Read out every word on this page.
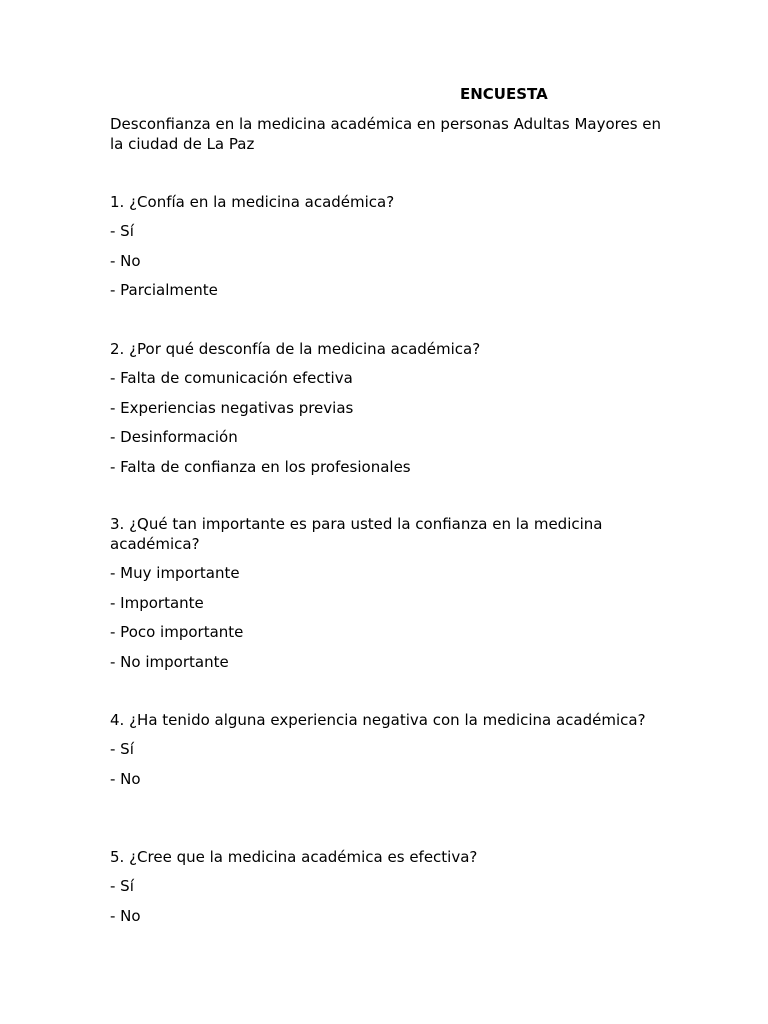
ENCUESTA

Desconfianza en la medicina académica en personas Adultas Mayores en la ciudad de La Paz

1. ¿Confía en la medicina académica?

- Sí

- No

- Parcialmente

2. ¿Por qué desconfía de la medicina académica?

- Falta de comunicación efectiva

- Experiencias negativas previas

- Desinformación

- Falta de confianza en los profesionales

3. ¿Qué tan importante es para usted la confianza en la medicina académica?

- Muy importante

- Importante

- Poco importante

- No importante

4. ¿Ha tenido alguna experiencia negativa con la medicina académica?

- Sí

- No

5. ¿Cree que la medicina académica es efectiva?

- Sí

- No
